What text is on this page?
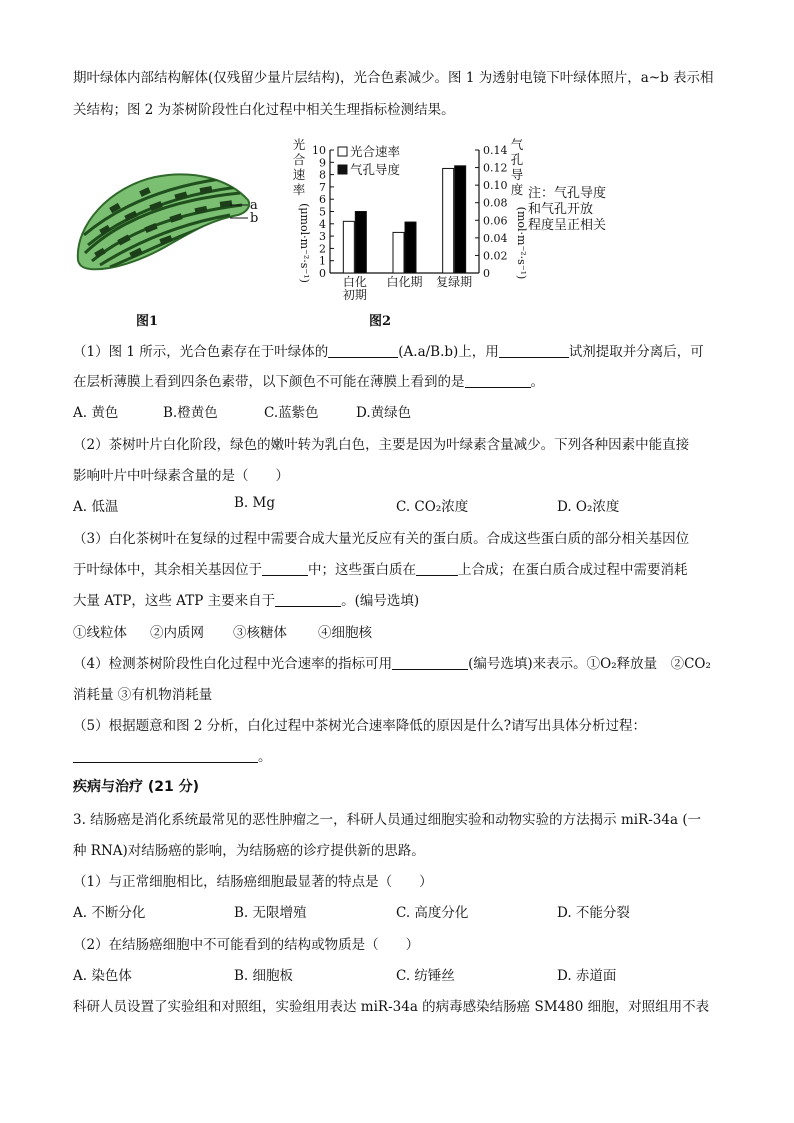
期叶绿体内部结构解体(仅残留少量片层结构)，光合色素减少。图 1 为透射电镜下叶绿体照片，a~b 表示相
关结构；图 2 为茶树阶段性白化过程中相关生理指标检测结果。
a
b
图1
0
1
2
3
4
5
6
7
8
9
10
0
0.02
0.04
0.06
0.08
0.10
0.12
0.14
光
合
速
率
(μmol·m⁻²·s⁻¹)
气
孔
导
度
(mol·m⁻²·s⁻¹)
白化
初期
白化期 复绿期
光合速率
气孔导度
图2
注：气孔导度
和气孔开放
程度呈正相关
（1）图 1 所示，光合色素存在于叶绿体的	(A.a/B.b)上，用	试剂提取并分离后，可
在层析薄膜上看到四条色素带，以下颜色不可能在薄膜上看到的是	。
A. 黄色	B.橙黄色	C.蓝紫色	D.黄绿色
（2）茶树叶片白化阶段，绿色的嫩叶转为乳白色，主要是因为叶绿素含量减少。下列各种因素中能直接
影响叶片中叶绿素含量的是（　　）
A. 低温	B. Mg	C. CO₂浓度	D. O₂浓度
（3）白化茶树叶在复绿的过程中需要合成大量光反应有关的蛋白质。合成这些蛋白质的部分相关基因位
于叶绿体中，其余相关基因位于	中；这些蛋白质在	上合成；在蛋白质合成过程中需要消耗
大量 ATP，这些 ATP 主要来自于	。(编号选填)
①线粒体 ②内质网 ③核糖体 ④细胞核
（4）检测茶树阶段性白化过程中光合速率的指标可用	(编号选填)来表示。①O₂释放量　②CO₂
消耗量 ③有机物消耗量
（5）根据题意和图 2 分析，白化过程中茶树光合速率降低的原因是什么?请写出具体分析过程：
。
疾病与治疗 (21 分)
3. 结肠癌是消化系统最常见的恶性肿瘤之一，科研人员通过细胞实验和动物实验的方法揭示 miR-34a (一
种 RNA)对结肠癌的影响，为结肠癌的诊疗提供新的思路。
（1）与正常细胞相比，结肠癌细胞最显著的特点是（　　）
A. 不断分化	B. 无限增殖	C. 高度分化	D. 不能分裂
（2）在结肠癌细胞中不可能看到的结构或物质是（　　）
A. 染色体	B. 细胞板	C. 纺锤丝	D. 赤道面
科研人员设置了实验组和对照组，实验组用表达 miR-34a 的病毒感染结肠癌 SM480 细胞，对照组用不表
